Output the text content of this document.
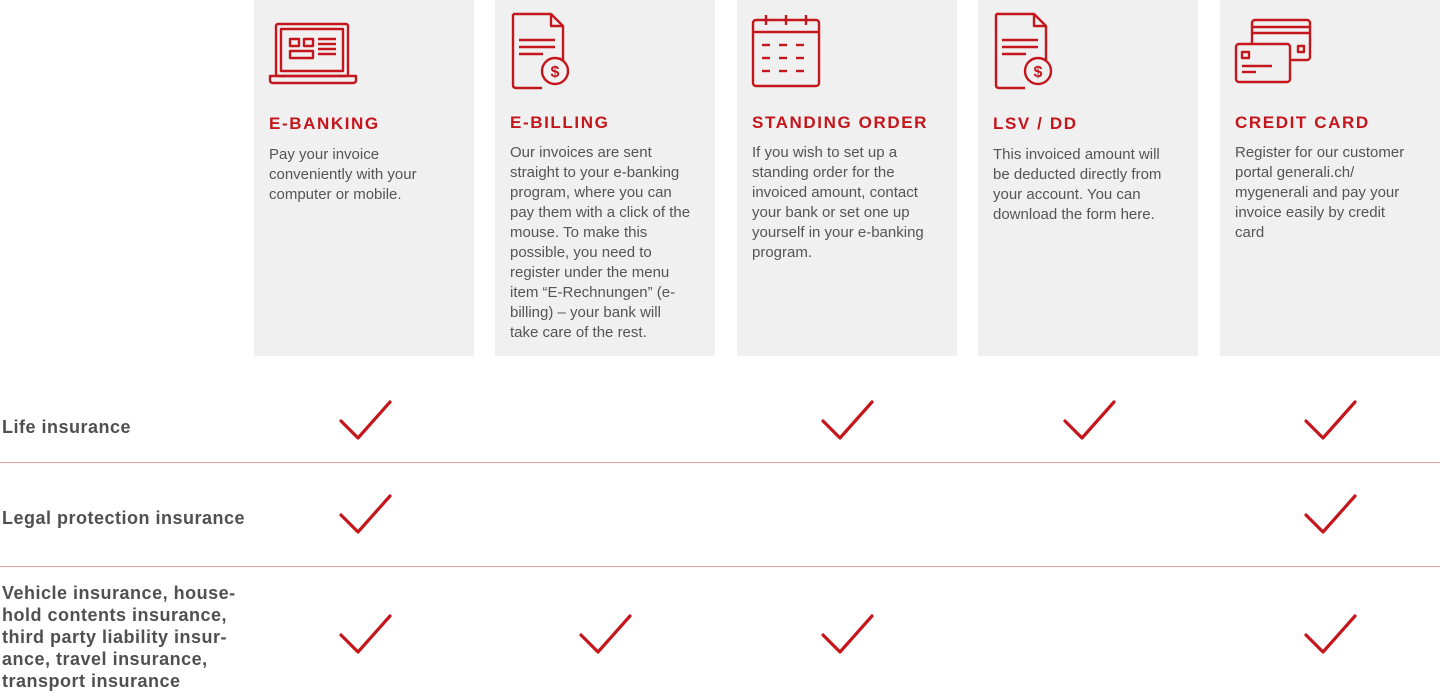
E-BANKING

Pay your invoice conveniently with your computer or mobile.

$
E-BILLING

Our invoices are sent straight to your e-banking program, where you can pay them with a click of the mouse. To make this possible, you need to register under the menu item “E-Rechnungen” (e-billing) – your bank will take care of the rest.

STANDING ORDER

If you wish to set up a standing order for the invoiced amount, contact your bank or set one up yourself in your e-banking program.

$
LSV / DD

This invoiced amount will be deducted directly from your account. You can download the form here.

CREDIT CARD

Register for our customer portal generali.ch/ mygenerali and pay your invoice easily by credit card

Life insurance
Legal protection insurance
Vehicle insurance, house-hold contents insurance, third party liability insur-ance, travel insurance, transport insurance
